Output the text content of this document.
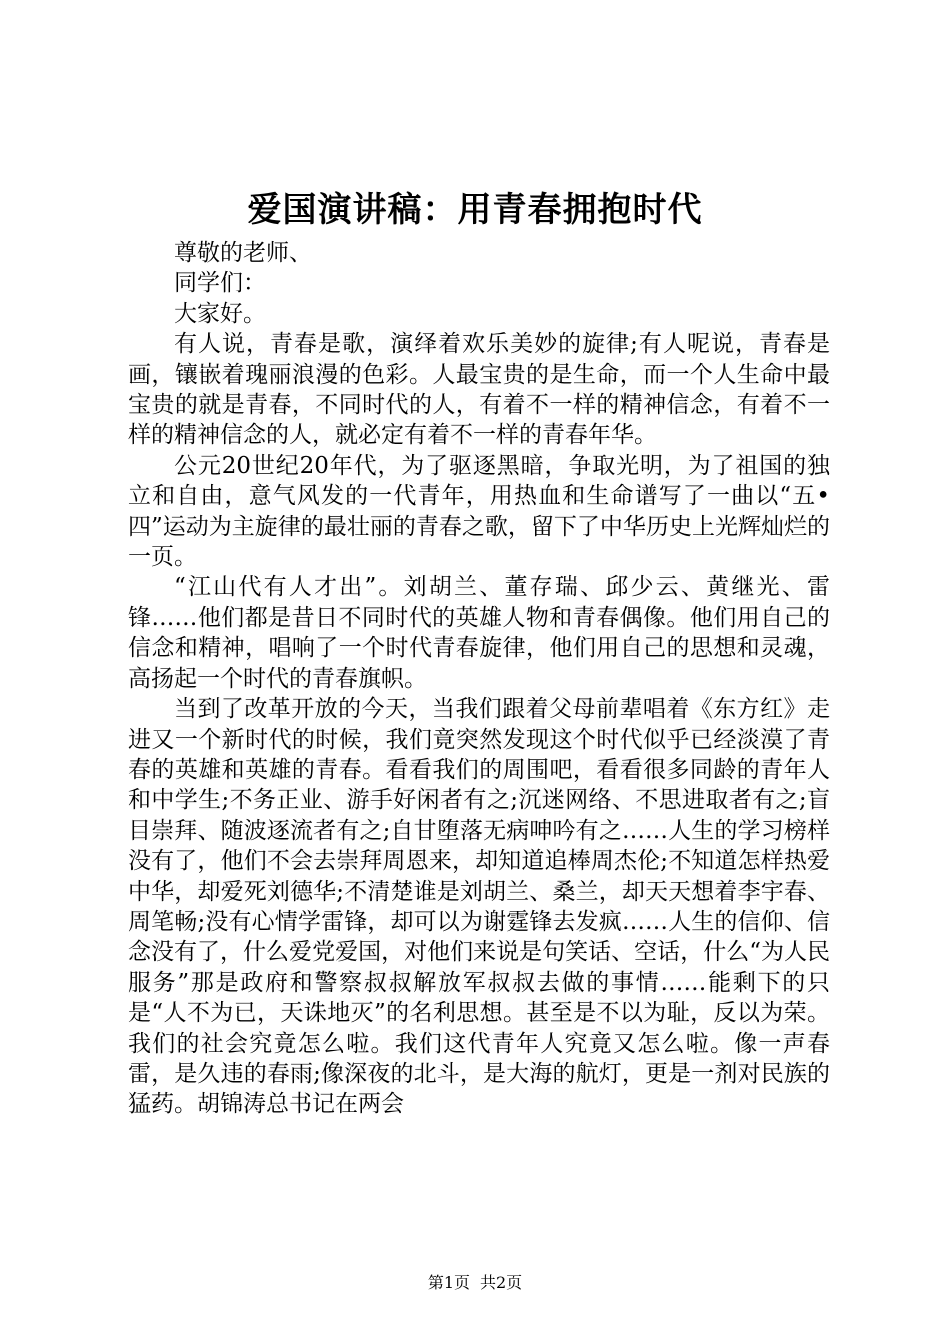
爱国演讲稿：用青春拥抱时代

尊敬的老师、

同学们：

大家好。

有人说，青春是歌，演绎着欢乐美妙的旋律;有人呢说，青春是画，镶嵌着瑰丽浪漫的色彩。人最宝贵的是生命，而一个人生命中最宝贵的就是青春，不同时代的人，有着不一样的精神信念，有着不一样的精神信念的人，就必定有着不一样的青春年华。

公元20世纪20年代，为了驱逐黑暗，争取光明，为了祖国的独立和自由，意气风发的一代青年，用热血和生命谱写了一曲以“五•四”运动为主旋律的最壮丽的青春之歌，留下了中华历史上光辉灿烂的一页。

“江山代有人才出”。刘胡兰、董存瑞、邱少云、黄继光、雷锋……他们都是昔日不同时代的英雄人物和青春偶像。他们用自己的信念和精神，唱响了一个时代青春旋律，他们用自己的思想和灵魂，高扬起一个时代的青春旗帜。

当到了改革开放的今天，当我们跟着父母前辈唱着《东方红》走进又一个新时代的时候，我们竟突然发现这个时代似乎已经淡漠了青春的英雄和英雄的青春。看看我们的周围吧，看看很多同龄的青年人和中学生;不务正业、游手好闲者有之;沉迷网络、不思进取者有之;盲目崇拜、随波逐流者有之;自甘堕落无病呻吟有之……人生的学习榜样没有了，他们不会去崇拜周恩来，却知道追棒周杰伦;不知道怎样热爱中华，却爱死刘德华;不清楚谁是刘胡兰、桑兰，却天天想着李宇春、周笔畅;没有心情学雷锋，却可以为谢霆锋去发疯……人生的信仰、信念没有了，什么爱党爱国，对他们来说是句笑话、空话，什么“为人民服务”那是政府和警察叔叔解放军叔叔去做的事情……能剩下的只是“人不为已，天诛地灭”的名利思想。甚至是不以为耻，反以为荣。我们的社会究竟怎么啦。我们这代青年人究竟又怎么啦。像一声春雷，是久违的春雨;像深夜的北斗，是大海的航灯，更是一剂对民族的猛药。胡锦涛总书记在两会

第1页 共2页
